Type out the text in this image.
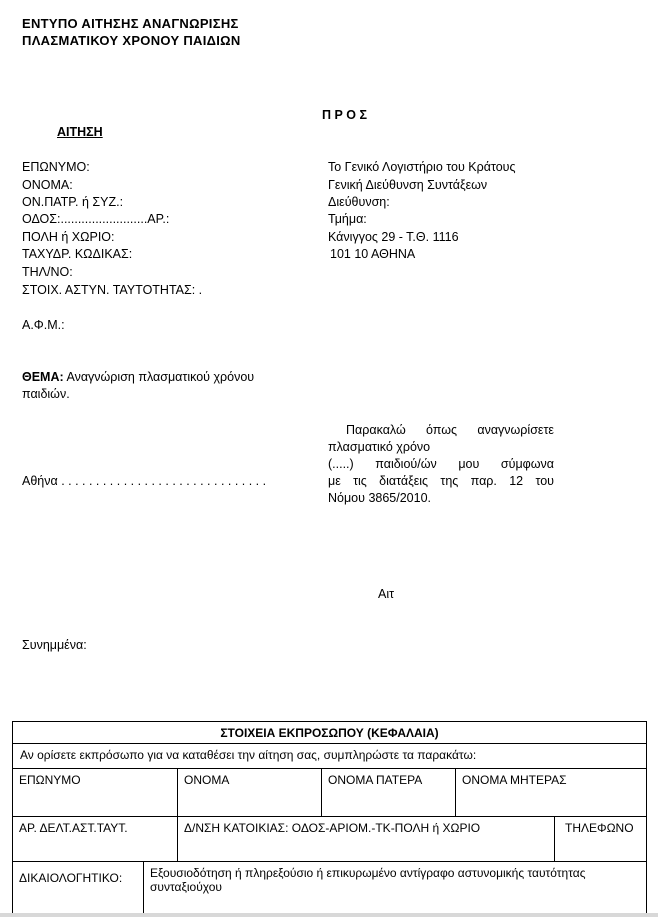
ΕΝΤΥΠΟ ΑΙΤΗΣΗΣ ΑΝΑΓΝΩΡΙΣΗΣ
ΠΛΑΣΜΑΤΙΚΟΥ ΧΡΟΝΟΥ ΠΑΙΔΙΩΝ
Π Ρ Ο Σ
ΑΙΤΗΣΗ
ΕΠΩΝΥΜΟ:
ΟΝΟΜΑ:
ΟΝ.ΠΑΤΡ. ή ΣΥΖ.:
ΟΔΟΣ:.........................ΑΡ.:
ΠΟΛΗ ή ΧΩΡΙΟ:
ΤΑΧΥΔΡ. ΚΩΔΙΚΑΣ:
ΤΗΛ/ΝΟ:
ΣΤΟΙΧ. ΑΣΤΥΝ. ΤΑΥΤΟΤΗΤΑΣ: .
Α.Φ.Μ.:
Το Γενικό Λογιστήριο του Κράτους
Γενική Διεύθυνση Συντάξεων
Διεύθυνση:
Τμήμα:
Κάνιγγος 29 - Τ.Θ. 1116
101 10 ΑΘΗΝΑ
ΘΕΜΑ: Αναγνώριση πλασματικού χρόνου
παιδιών.
Παρακαλώ όπως αναγνωρίσετε
πλασματικό χρόνο
(.....) παιδιού/ών μου σύμφωνα
με τις διατάξεις της παρ. 12 του
Νόμου 3865/2010.
Αθήνα . . . . . . . . . . . . . . . . . . . . . . . . . . . . . .
Αιτ
Συνημμένα:
ΣΤΟΙΧΕΙΑ ΕΚΠΡΟΣΩΠΟΥ (ΚΕΦΑΛΑΙΑ)
Αν ορίσετε εκπρόσωπο για να καταθέσει την αίτηση σας, συμπληρώστε τα παρακάτω:
ΕΠΩΝΥΜΟ	ΟΝΟΜΑ	ΟΝΟΜΑ ΠΑΤΕΡΑ	ΟΝΟΜΑ ΜΗΤΕΡΑΣ
ΑΡ. ΔΕΛΤ.ΑΣΤ.ΤΑΥΤ.	Δ/ΝΣΗ ΚΑΤΟΙΚΙΑΣ: ΟΔΟΣ-ΑΡΙΟΜ.-ΤΚ-ΠΟΛΗ ή ΧΩΡΙΟ	ΤΗΛΕΦΩΝΟ
ΔΙΚΑΙΟΛΟΓΗΤΙΚΟ:	Εξουσιοδότηση ή πληρεξούσιο ή επικυρωμένο αντίγραφο αστυνομικής ταυτότητας συνταξιούχου
